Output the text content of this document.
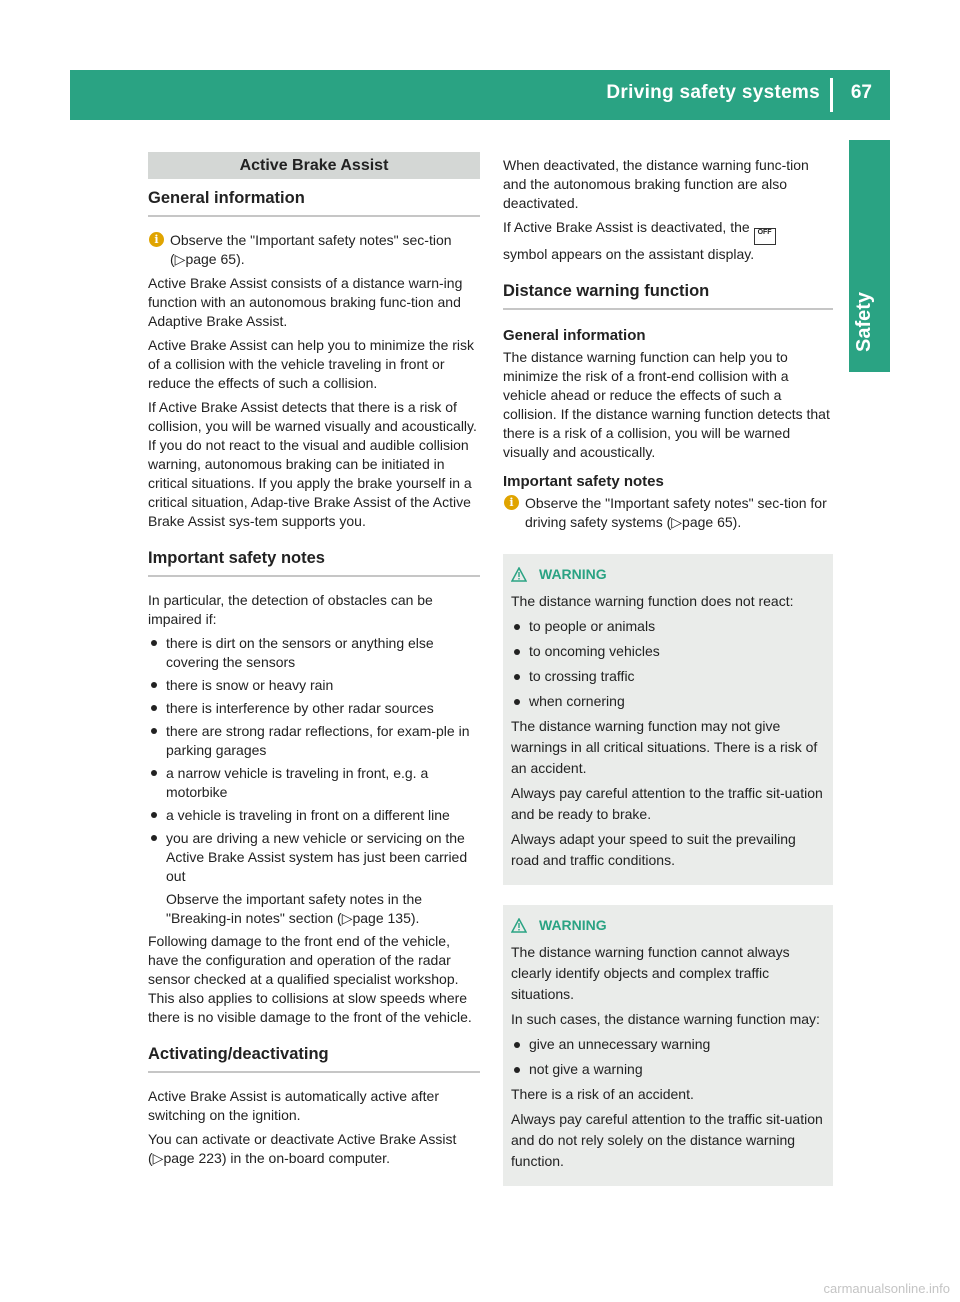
Driving safety systems 67
Safety
Active Brake Assist
General information
i Observe the "Important safety notes" sec-tion (▷page 65).

Active Brake Assist consists of a distance warn-ing function with an autonomous braking func-tion and Adaptive Brake Assist.

Active Brake Assist can help you to minimize the risk of a collision with the vehicle traveling in front or reduce the effects of such a collision.

If Active Brake Assist detects that there is a risk of collision, you will be warned visually and acoustically. If you do not react to the visual and audible collision warning, autonomous braking can be initiated in critical situations. If you apply the brake yourself in a critical situation, Adap-tive Brake Assist of the Active Brake Assist sys-tem supports you.

Important safety notes

In particular, the detection of obstacles can be impaired if:

there is dirt on the sensors or anything else covering the sensors
there is snow or heavy rain
there is interference by other radar sources
there are strong radar reflections, for exam-ple in parking garages
a narrow vehicle is traveling in front, e.g. a motorbike
a vehicle is traveling in front on a different line
you are driving a new vehicle or servicing on the Active Brake Assist system has just been carried out

Observe the important safety notes in the "Breaking-in notes" section (▷page 135).

Following damage to the front end of the vehicle, have the configuration and operation of the radar sensor checked at a qualified specialist workshop. This also applies to collisions at slow speeds where there is no visible damage to the front of the vehicle.

Activating/deactivating

Active Brake Assist is automatically active after switching on the ignition.

You can activate or deactivate Active Brake Assist (▷page 223) in the on-board computer.

When deactivated, the distance warning func-tion and the autonomous braking function are also deactivated.

If Active Brake Assist is deactivated, the OFF
symbol appears on the assistant display.

Distance warning function
General information

The distance warning function can help you to minimize the risk of a front-end collision with a vehicle ahead or reduce the effects of such a collision. If the distance warning function detects that there is a risk of a collision, you will be warned visually and acoustically.

Important safety notes
i Observe the "Important safety notes" sec-tion for driving safety systems (▷page 65).
WARNING

The distance warning function does not react:

to people or animals
to oncoming vehicles
to crossing traffic
when cornering

The distance warning function may not give warnings in all critical situations. There is a risk of an accident.

Always pay careful attention to the traffic sit-uation and be ready to brake.

Always adapt your speed to suit the prevailing road and traffic conditions.

WARNING

The distance warning function cannot always clearly identify objects and complex traffic situations.

In such cases, the distance warning function may:

give an unnecessary warning
not give a warning

There is a risk of an accident.

Always pay careful attention to the traffic sit-uation and do not rely solely on the distance warning function.

carmanualsonline.info
